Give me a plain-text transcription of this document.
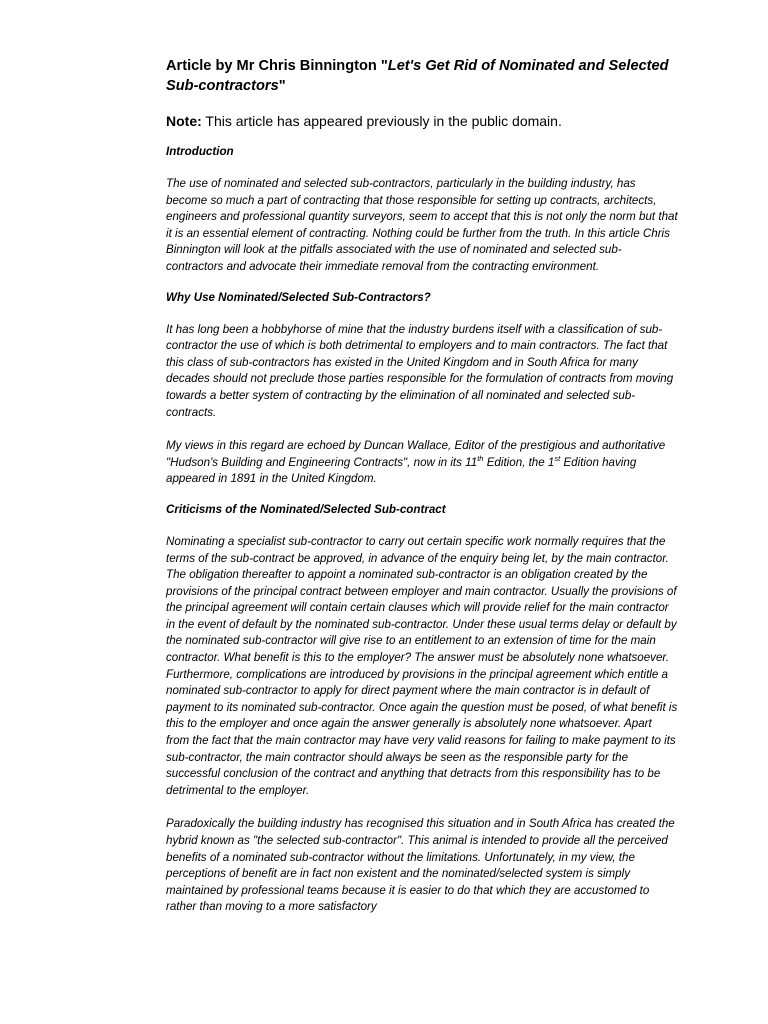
Article by Mr Chris Binnington "Let's Get Rid of Nominated and Selected Sub-contractors"
Note: This article has appeared previously in the public domain.
Introduction
The use of nominated and selected sub-contractors, particularly in the building industry, has become so much a part of contracting that those responsible for setting up contracts, architects, engineers and professional quantity surveyors, seem to accept that this is not only the norm but that it is an essential element of contracting. Nothing could be further from the truth. In this article Chris Binnington will look at the pitfalls associated with the use of nominated and selected sub-contractors and advocate their immediate removal from the contracting environment.
Why Use Nominated/Selected Sub-Contractors?
It has long been a hobbyhorse of mine that the industry burdens itself with a classification of sub-contractor the use of which is both detrimental to employers and to main contractors. The fact that this class of sub-contractors has existed in the United Kingdom and in South Africa for many decades should not preclude those parties responsible for the formulation of contracts from moving towards a better system of contracting by the elimination of all nominated and selected sub-contracts.
My views in this regard are echoed by Duncan Wallace, Editor of the prestigious and authoritative "Hudson's Building and Engineering Contracts", now in its 11th Edition, the 1st Edition having appeared in 1891 in the United Kingdom.
Criticisms of the Nominated/Selected Sub-contract
Nominating a specialist sub-contractor to carry out certain specific work normally requires that the terms of the sub-contract be approved, in advance of the enquiry being let, by the main contractor. The obligation thereafter to appoint a nominated sub-contractor is an obligation created by the provisions of the principal contract between employer and main contractor. Usually the provisions of the principal agreement will contain certain clauses which will provide relief for the main contractor in the event of default by the nominated sub-contractor. Under these usual terms delay or default by the nominated sub-contractor will give rise to an entitlement to an extension of time for the main contractor. What benefit is this to the employer? The answer must be absolutely none whatsoever. Furthermore, complications are introduced by provisions in the principal agreement which entitle a nominated sub-contractor to apply for direct payment where the main contractor is in default of payment to its nominated sub-contractor. Once again the question must be posed, of what benefit is this to the employer and once again the answer generally is absolutely none whatsoever. Apart from the fact that the main contractor may have very valid reasons for failing to make payment to its sub-contractor, the main contractor should always be seen as the responsible party for the successful conclusion of the contract and anything that detracts from this responsibility has to be detrimental to the employer.
Paradoxically the building industry has recognised this situation and in South Africa has created the hybrid known as "the selected sub-contractor". This animal is intended to provide all the perceived benefits of a nominated sub-contractor without the limitations. Unfortunately, in my view, the perceptions of benefit are in fact non existent and the nominated/selected system is simply maintained by professional teams because it is easier to do that which they are accustomed to rather than moving to a more satisfactory
